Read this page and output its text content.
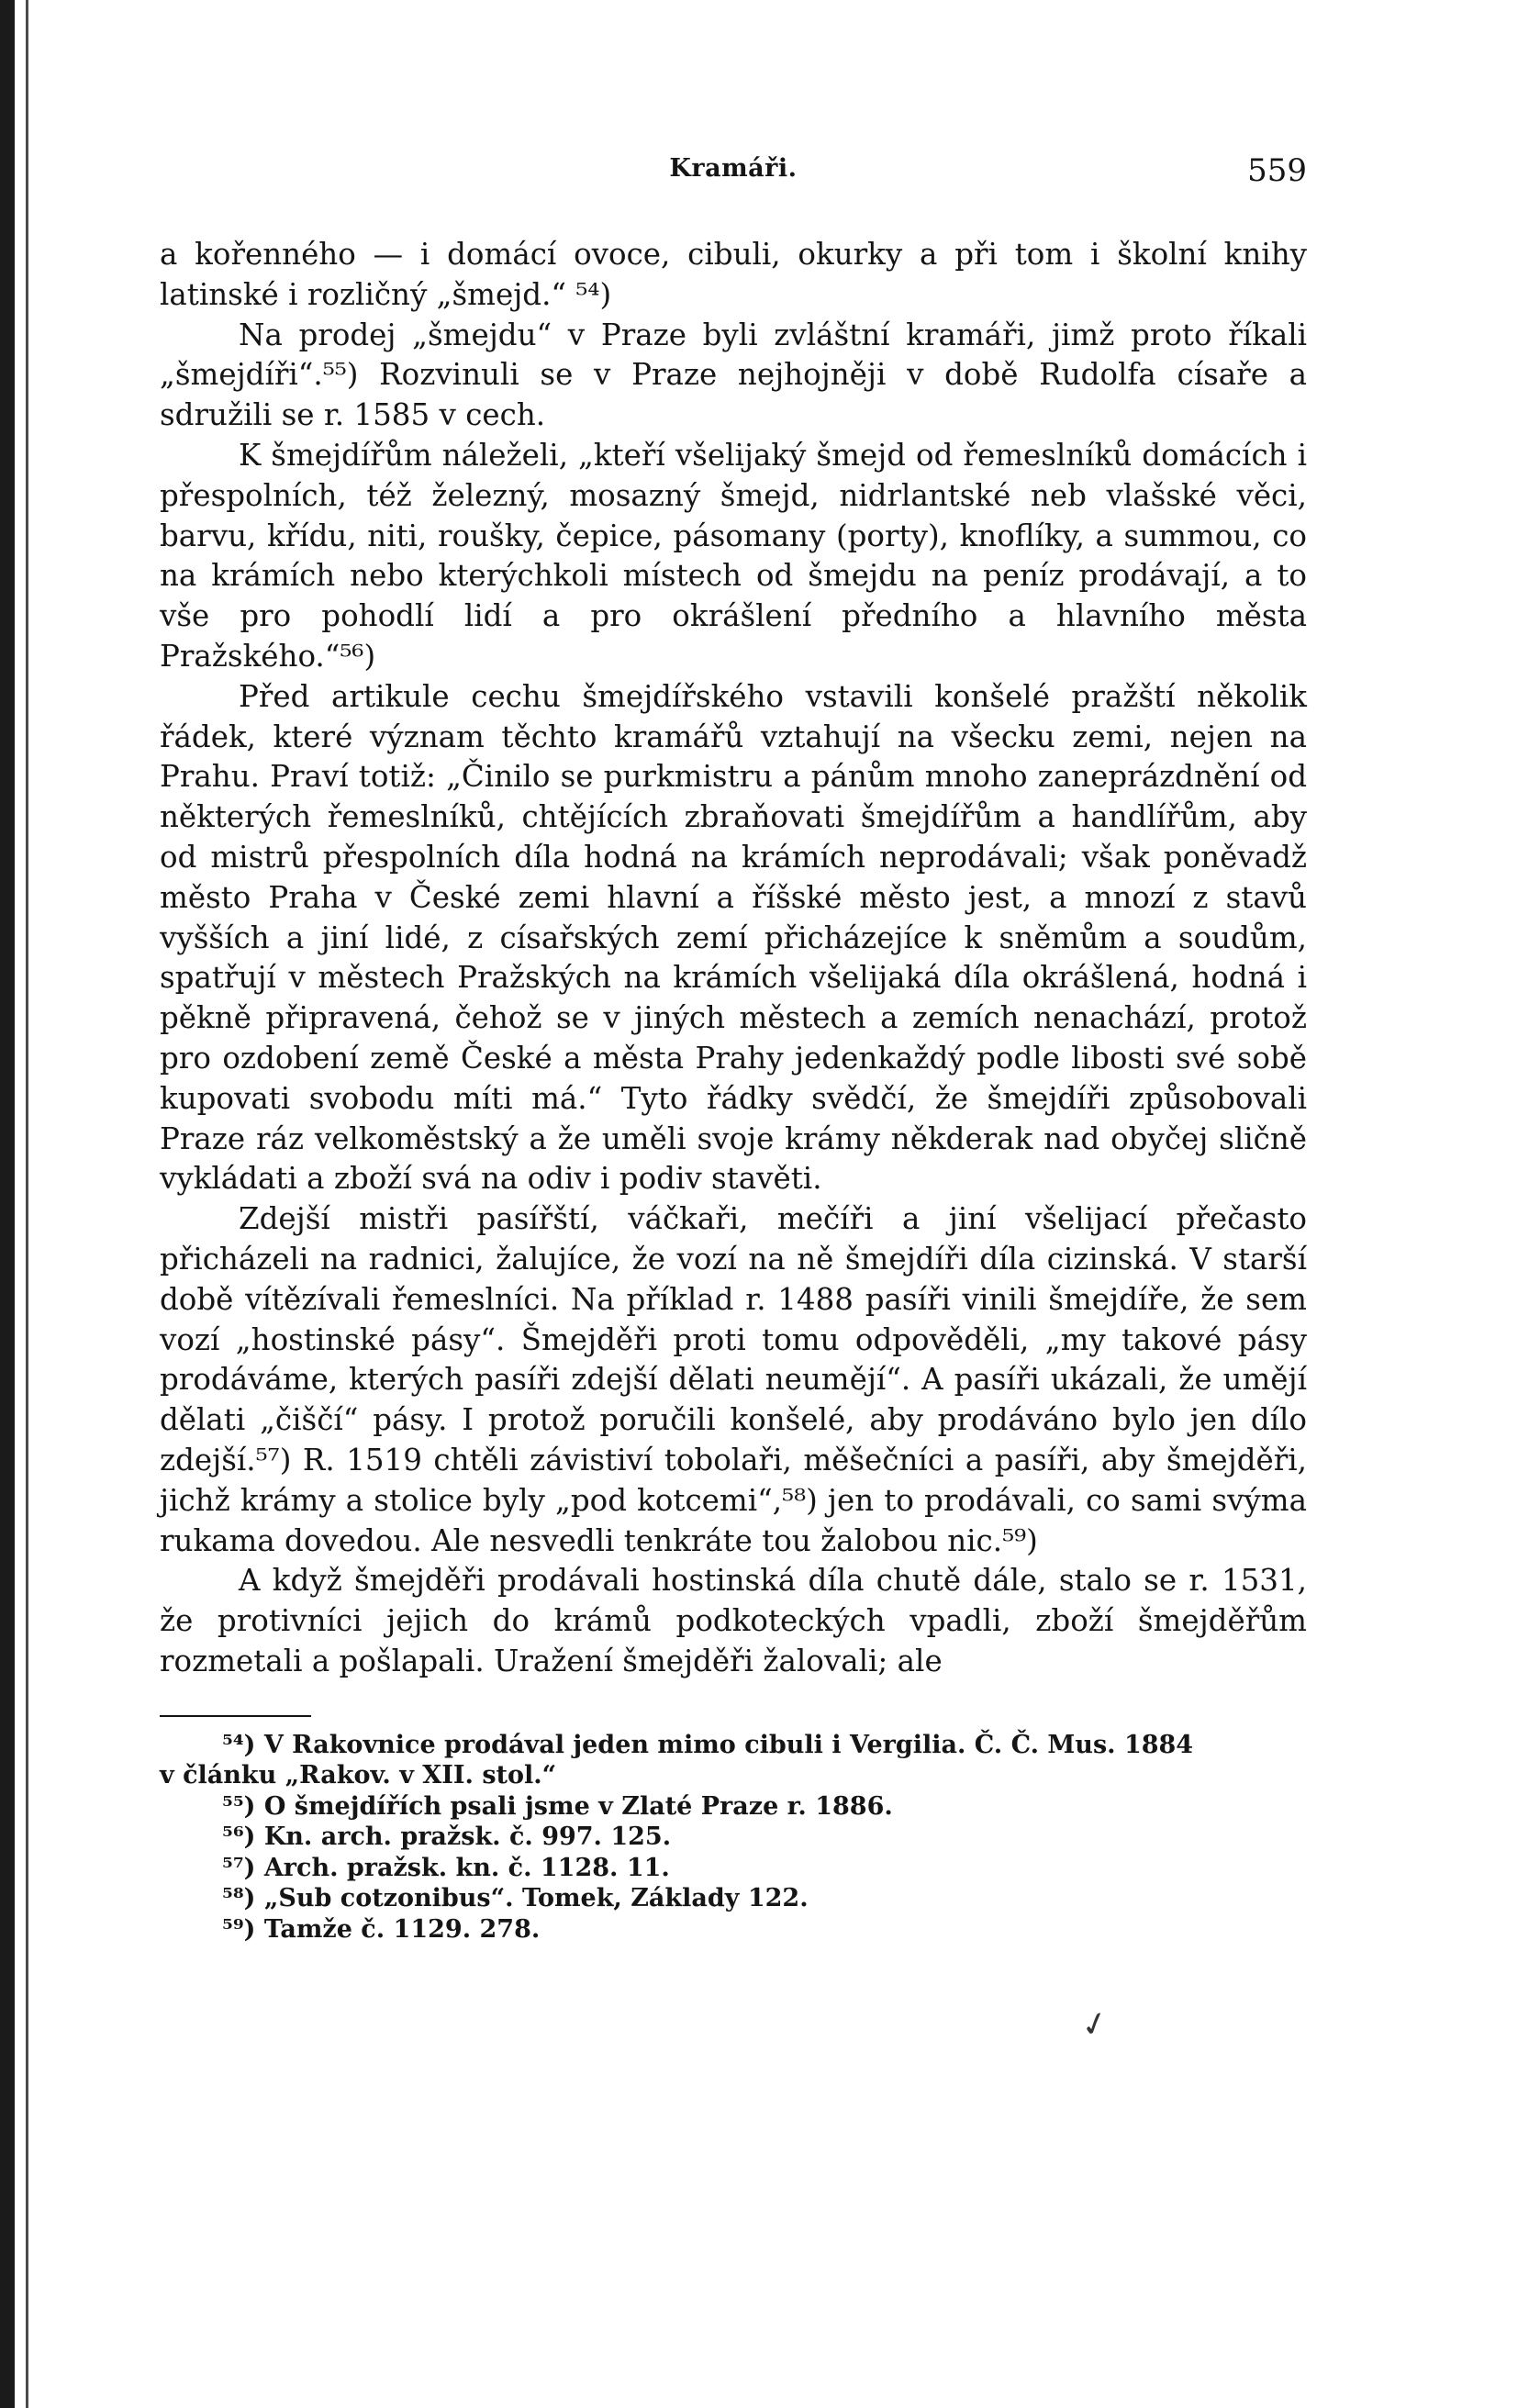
Kramáři.	559

a kořenného — i domácí ovoce, cibuli, okurky a při tom i školní knihy latinské i rozličný „šmejd.“ ⁵⁴)

Na prodej „šmejdu“ v Praze byli zvláštní kramáři, jimž proto říkali „šmejdíři“.⁵⁵) Rozvinuli se v Praze nejhojněji v době Rudolfa císaře a sdružili se r. 1585 v cech.

K šmejdířům náleželi, „kteří všelijaký šmejd od řemeslníků domácích i přespolních, též železný, mosazný šmejd, nidrlantské neb vlašské věci, barvu, křídu, niti, roušky, čepice, pásomany (porty), knoflíky, a summou, co na krámích nebo kterýchkoli místech od šmejdu na peníz prodávají, a to vše pro pohodlí lidí a pro okrášlení předního a hlavního města Pražského.“⁵⁶)

Před artikule cechu šmejdířského vstavili konšelé pražští několik řádek, které význam těchto kramářů vztahují na všecku zemi, nejen na Prahu. Praví totiž: „Činilo se purkmistru a pánům mnoho zaneprázdnění od některých řemeslníků, chtějících zbraňovati šmejdířům a handlířům, aby od mistrů přespolních díla hodná na krámích neprodávali; však poněvadž město Praha v České zemi hlavní a říšské město jest, a mnozí z stavů vyšších a jiní lidé, z císařských zemí přicházejíce k sněmům a soudům, spatřují v městech Pražských na krámích všelijaká díla okrášlená, hodná i pěkně připravená, čehož se v jiných městech a zemích nenachází, protož pro ozdobení země České a města Prahy jedenkaždý podle libosti své sobě kupovati svobodu míti má.“ Tyto řádky svědčí, že šmejdíři způsobovali Praze ráz velkoměstský a že uměli svoje krámy někderak nad obyčej sličně vykládati a zboží svá na odiv i podiv stavěti.

Zdejší mistři pasířští, váčkaři, mečíři a jiní všelijací přečasto přicházeli na radnici, žalujíce, že vozí na ně šmejdíři díla cizinská. V starší době vítězívali řemeslníci. Na příklad r. 1488 pasíři vinili šmejdíře, že sem vozí „hostinské pásy“. Šmejděři proti tomu odpověděli, „my takové pásy prodáváme, kterých pasíři zdejší dělati neumějí“. A pasíři ukázali, že umějí dělati „čiščí“ pásy. I protož poručili konšelé, aby prodáváno bylo jen dílo zdejší.⁵⁷) R. 1519 chtěli závistiví tobolaři, měšečníci a pasíři, aby šmejděři, jichž krámy a stolice byly „pod kotcemi“,⁵⁸) jen to prodávali, co sami svýma rukama dovedou. Ale nesvedli tenkráte tou žalobou nic.⁵⁹)

A když šmejděři prodávali hostinská díla chutě dále, stalo se r. 1531, že protivníci jejich do krámů podkoteckých vpadli, zboží šmejděřům rozmetali a pošlapali. Uražení šmejděři žalovali; ale

⁵⁴) V Rakovnice prodával jeden mimo cibuli i Vergilia. Č. Č. Mus. 1884

v článku „Rakov. v XII. stol.“

⁵⁵) O šmejdířích psali jsme v Zlaté Praze r. 1886.

⁵⁶) Kn. arch. pražsk. č. 997. 125.

⁵⁷) Arch. pražsk. kn. č. 1128. 11.

⁵⁸) „Sub cotzonibus“. Tomek, Základy 122.

⁵⁹) Tamže č. 1129. 278.

✓
